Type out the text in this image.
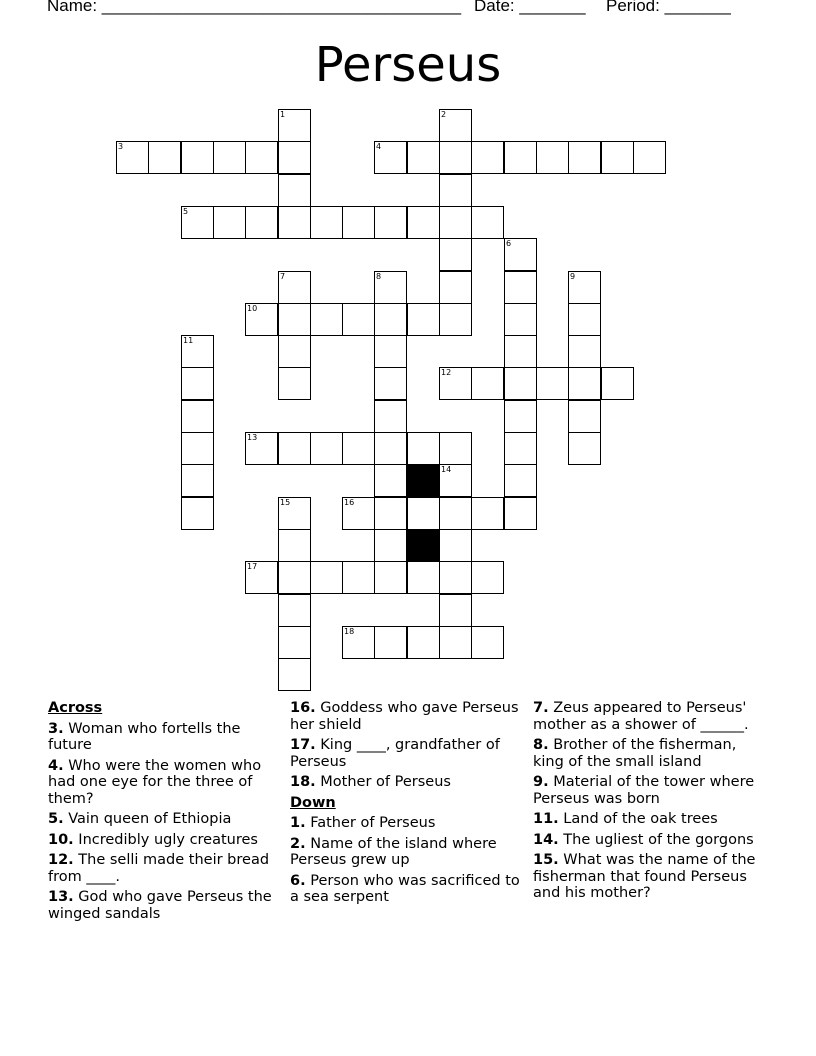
Name: ______________________________________ Date: _______ Period: _______
Perseus
1	2
3	4
5
6
7	8	9
10
11
12
13
14
15	16
17
18
Across
3. Woman who fortells the future
4. Who were the women who had one eye for the three of them?
5. Vain queen of Ethiopia
10. Incredibly ugly creatures
12. The selli made their bread from ____.
13. God who gave Perseus the winged sandals
16. Goddess who gave Perseus her shield
17. King ____, grandfather of Perseus
18. Mother of Perseus
Down
1. Father of Perseus
2. Name of the island where Perseus grew up
6. Person who was sacrificed to a sea serpent
7. Zeus appeared to Perseus' mother as a shower of ______.
8. Brother of the fisherman, king of the small island
9. Material of the tower where Perseus was born
11. Land of the oak trees
14. The ugliest of the gorgons
15. What was the name of the fisherman that found Perseus and his mother?
